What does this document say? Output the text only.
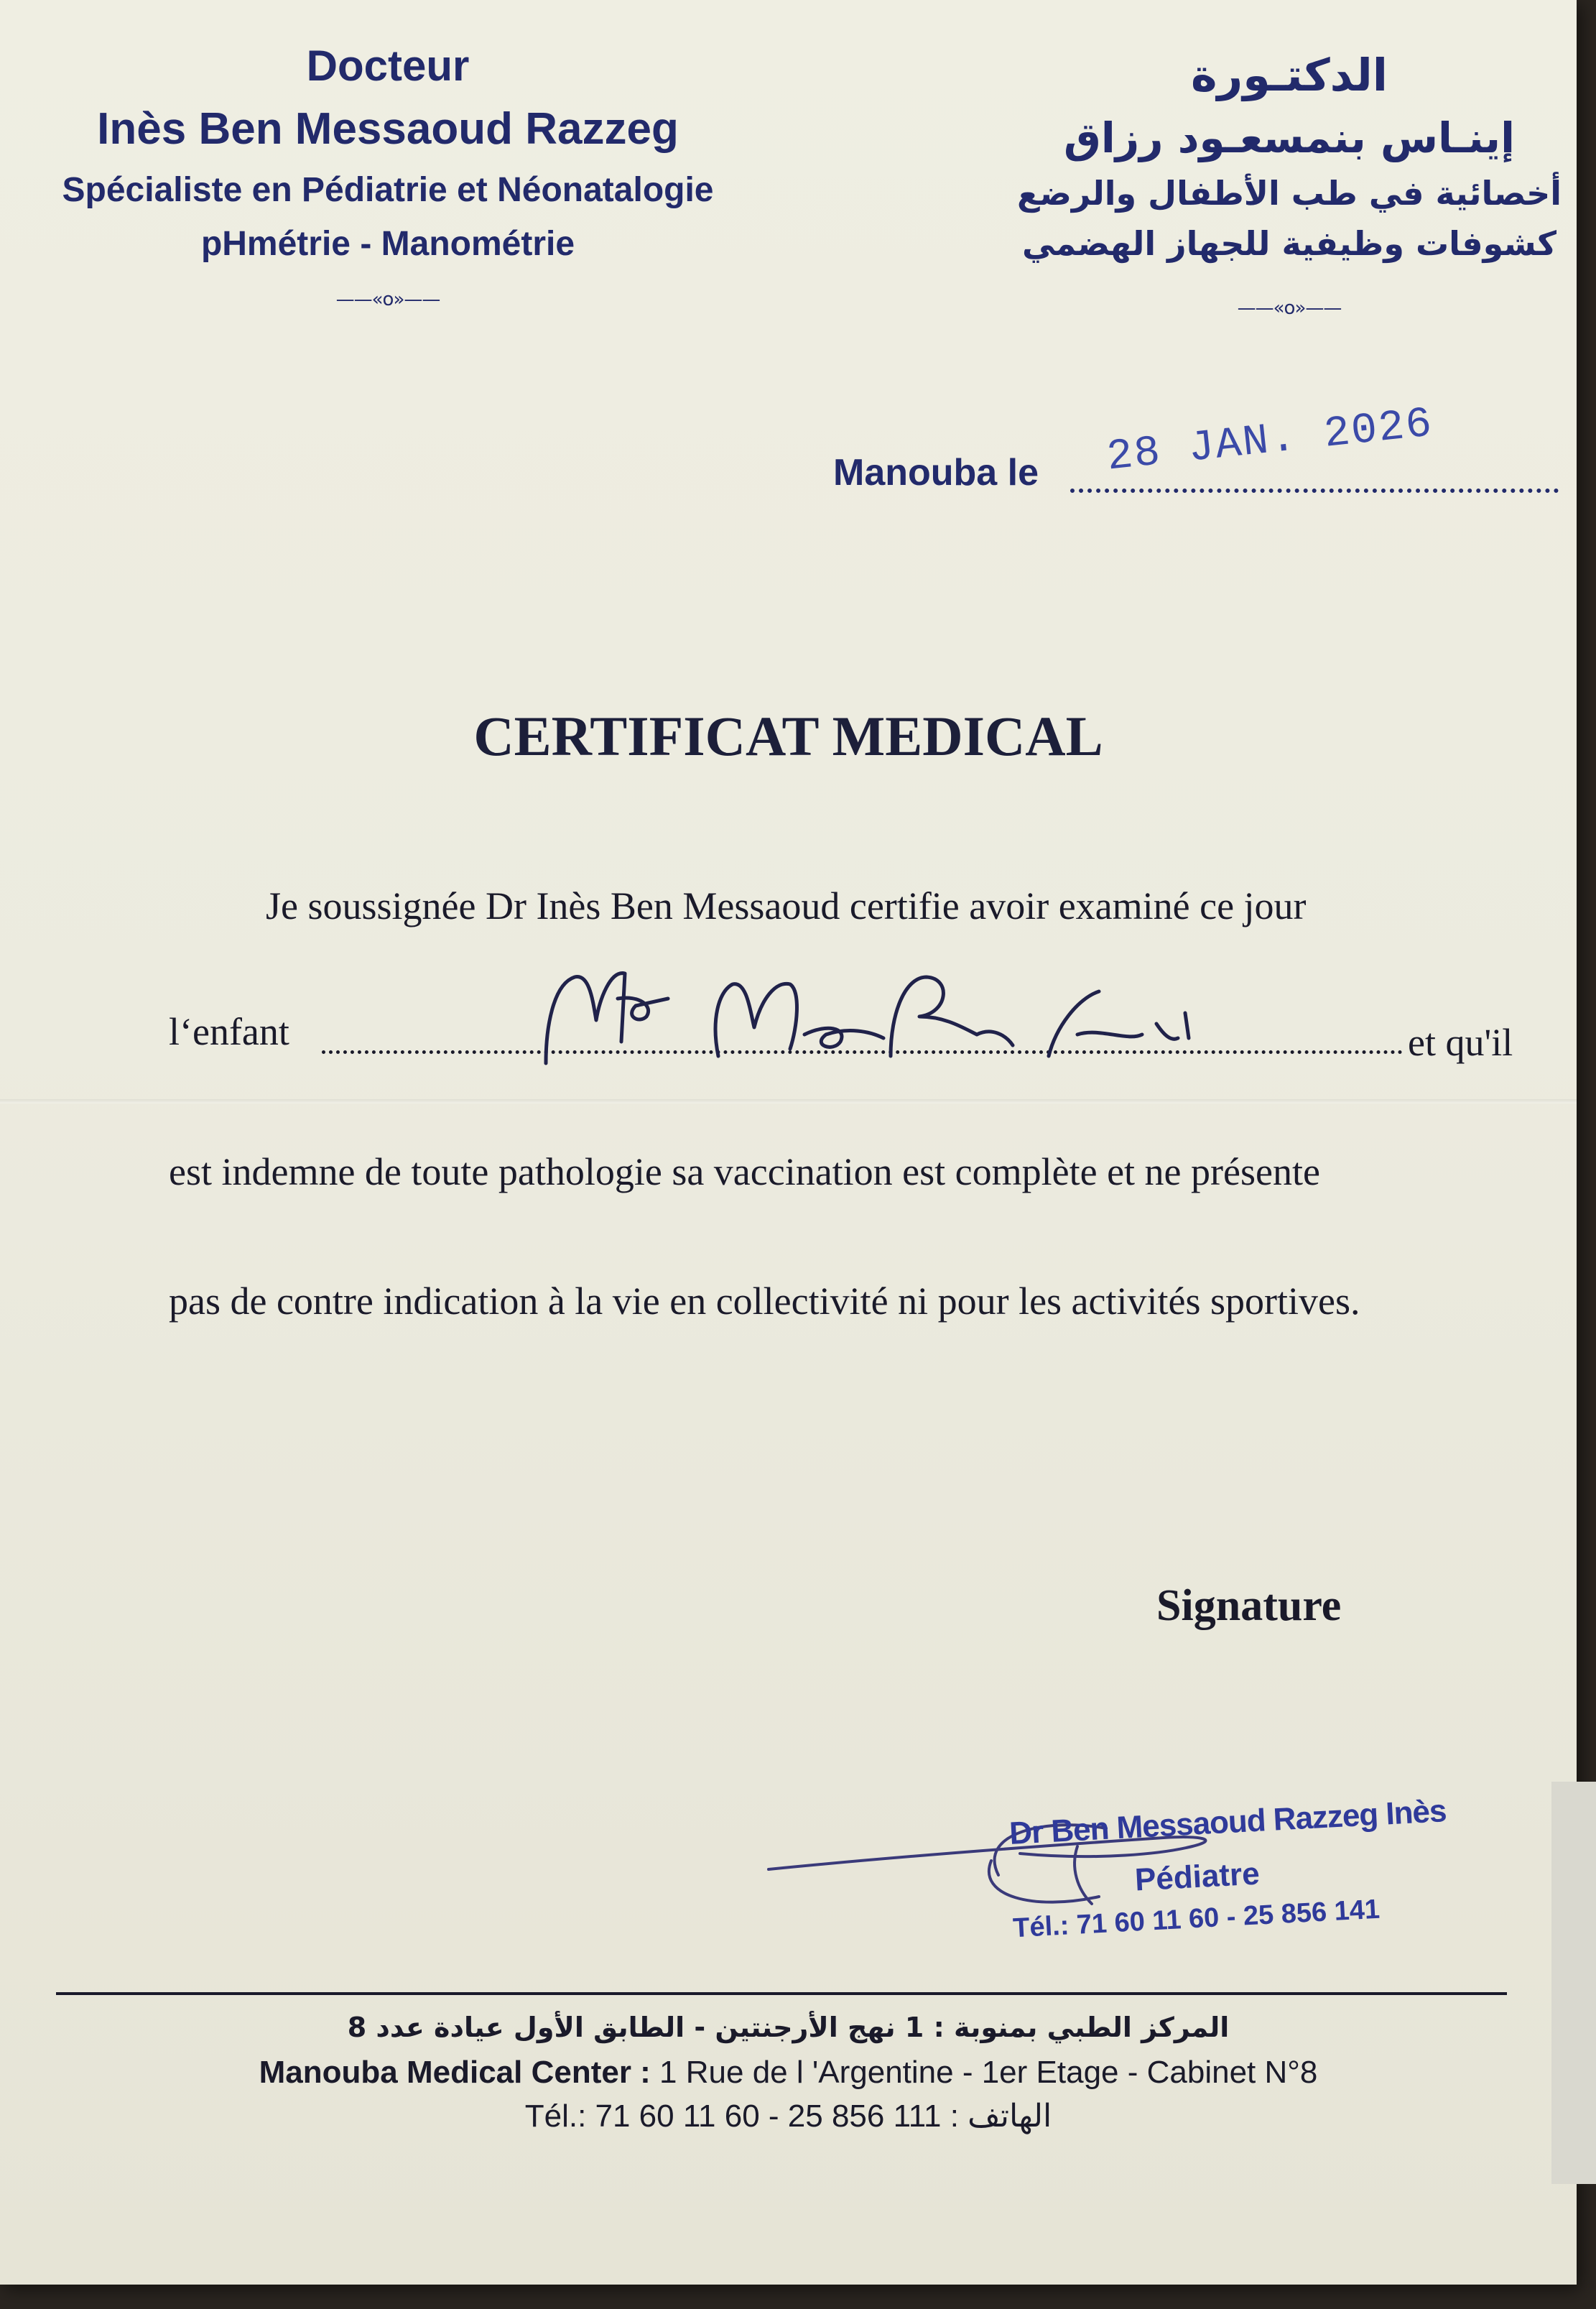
Docteur
Inès Ben Messaoud Razzeg
Spécialiste en Pédiatrie et Néonatalogie
pHmétrie - Manométrie
——«o»——
الدكتـورة
إينـاس بنمسعـود رزاق
أخصائية في طب الأطفال والرضع
كشوفات وظيفية للجهاز الهضمي
——«o»——
Manouba le 28 JAN. 2026
CERTIFICAT MEDICAL
Je soussignée Dr Inès Ben Messaoud certifie avoir examiné ce jour
l‘enfant	et qu'il
est indemne de toute pathologie sa vaccination est complète et ne présente
pas de contre indication à la vie en collectivité ni pour les activités sportives.
Signature
Dr Ben Messaoud Razzeg Inès
Pédiatre
Tél.: 71 60 11 60 - 25 856 141
المركز الطبي بمنوبة : 1 نهج الأرجنتين - الطابق الأول عيادة عدد 8
Manouba Medical Center : 1 Rue de l 'Argentine - 1er Etage - Cabinet N°8
Tél.: 71 60 11 60 - 25 856 111 : الهاتف
